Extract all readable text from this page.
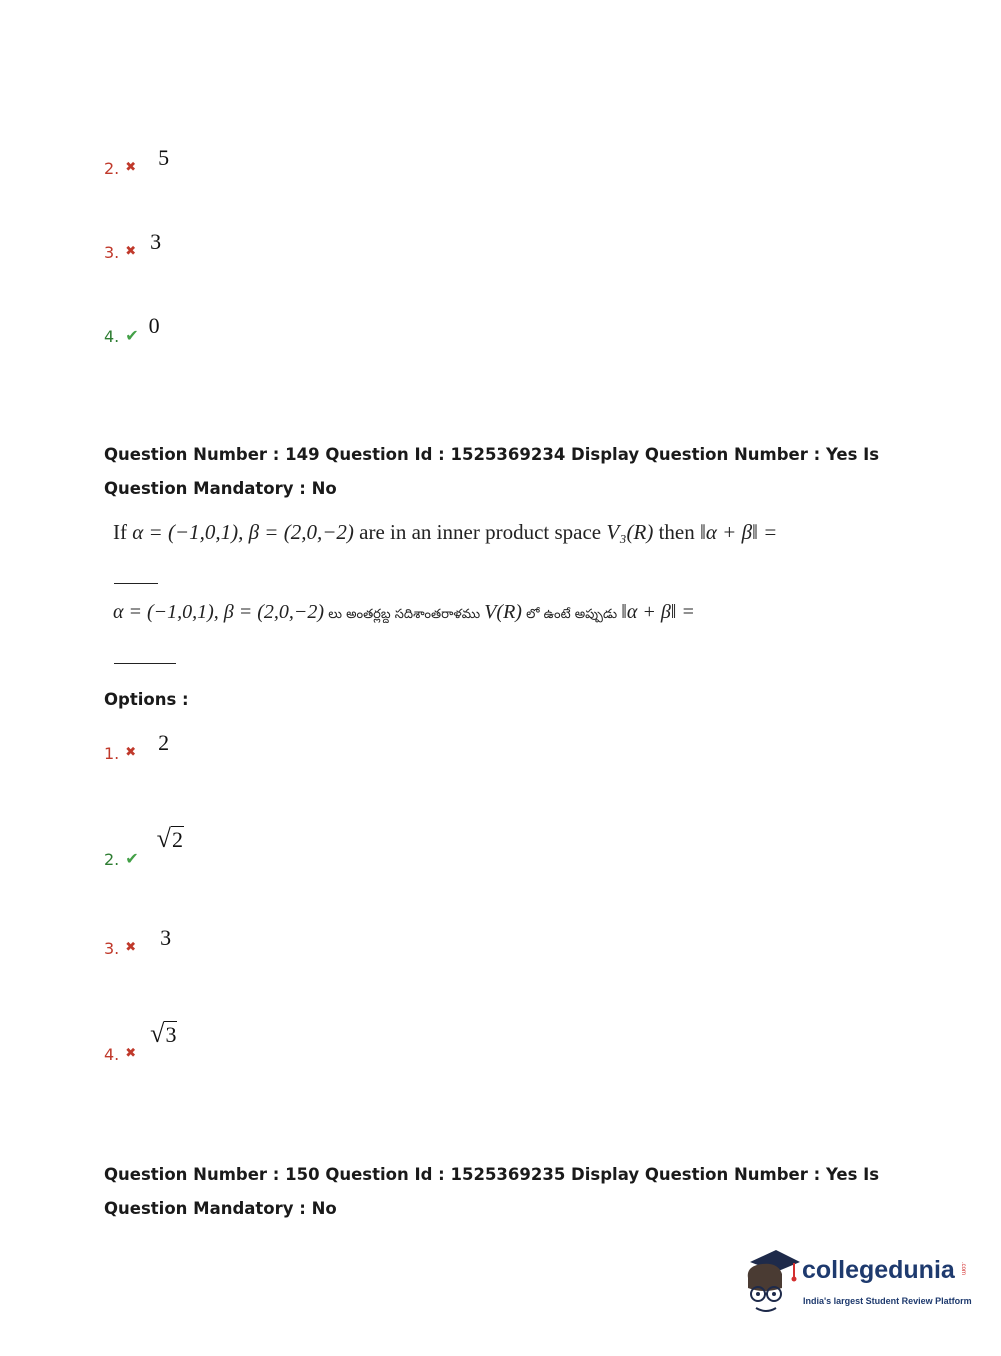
2. ✖ 5
3. ✖ 3
4. ✔ 0
Question Number : 149 Question Id : 1525369234 Display Question Number : Yes Is Question Mandatory : No
If α = (−1,0,1), β = (2,0,−2) are in an inner product space V₃(R) then ‖α + β‖ =
α = (−1,0,1), β = (2,0,−2) లు అంతర్లబ్ద సదిశాంతరాళము V(R) లో ఉంటే అప్పుడు ‖α + β‖ =
Options :
1. ✖ 2
2. ✔
√2
3. ✖ 3
4. ✖
√3
Question Number : 150 Question Id : 1525369235 Display Question Number : Yes Is Question Mandatory : No
collegedunia .com
India's largest Student Review Platform
